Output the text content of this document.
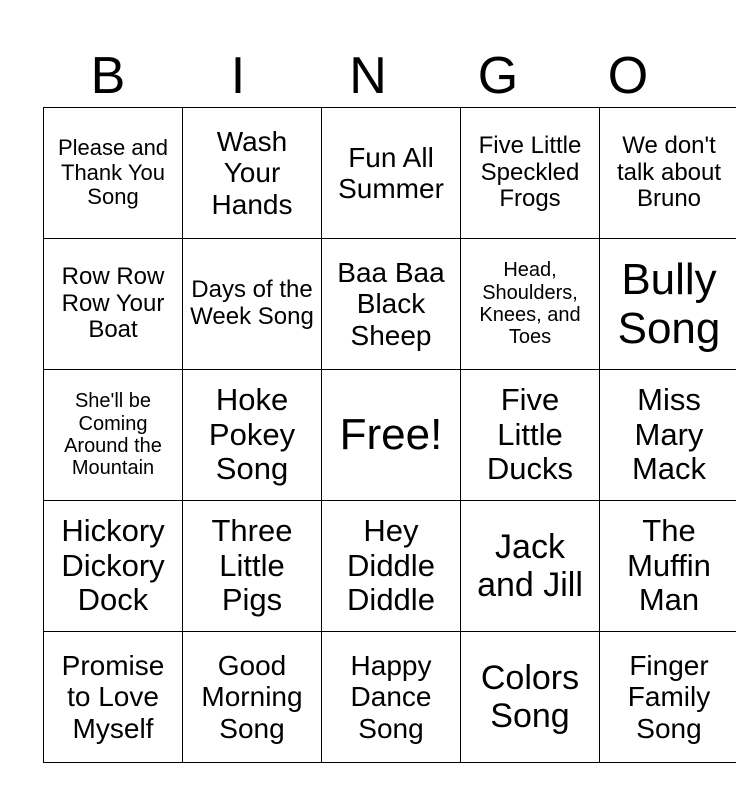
B	I	N	G	O
Please and Thank You Song	Wash Your Hands	Fun All Summer	Five Little Speckled Frogs	We don't talk about Bruno
Row Row Row Your Boat	Days of the Week Song	Baa Baa Black Sheep	Head, Shoulders, Knees, and Toes	Bully Song
She'll be Coming Around the Mountain	Hoke Pokey Song	Free!	Five Little Ducks	Miss Mary Mack
Hickory Dickory Dock	Three Little Pigs	Hey Diddle Diddle	Jack and Jill	The Muffin Man
Promise to Love Myself	Good Morning Song	Happy Dance Song	Colors Song	Finger Family Song
